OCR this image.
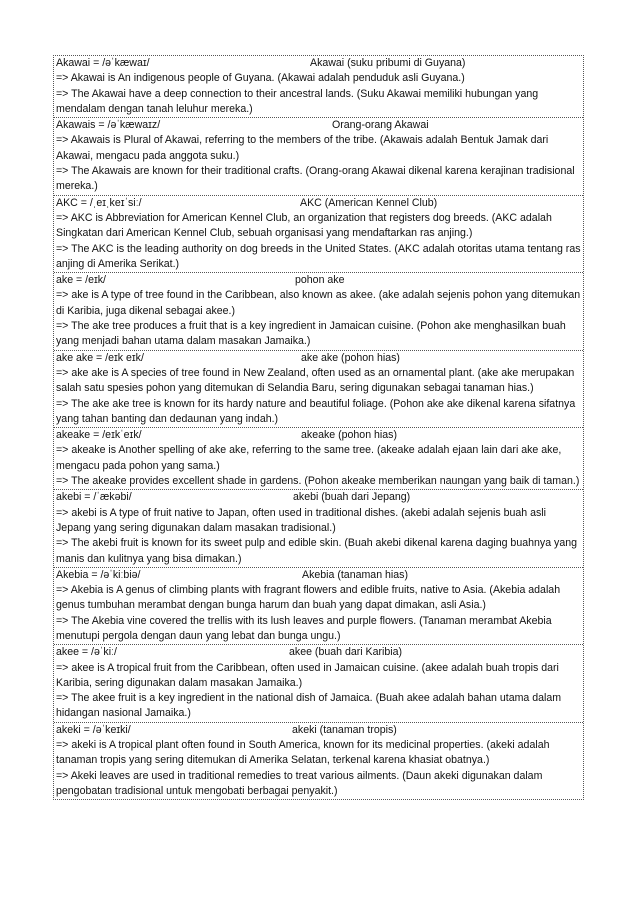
Akawai = /əˈkæwaɪ/	Akawai (suku pribumi di Guyana)
=> Akawai is An indigenous people of Guyana. (Akawai adalah penduduk asli Guyana.)
=> The Akawai have a deep connection to their ancestral lands. (Suku Akawai memiliki hubungan yang mendalam dengan tanah leluhur mereka.)
Akawais = /əˈkæwaɪz/	Orang-orang Akawai
=> Akawais is Plural of Akawai, referring to the members of the tribe. (Akawais adalah Bentuk Jamak dari Akawai, mengacu pada anggota suku.)
=> The Akawais are known for their traditional crafts. (Orang-orang Akawai dikenal karena kerajinan tradisional mereka.)
AKC = /ˌeɪˌkeɪˈsiː/	AKC (American Kennel Club)
=> AKC is Abbreviation for American Kennel Club, an organization that registers dog breeds. (AKC adalah Singkatan dari American Kennel Club, sebuah organisasi yang mendaftarkan ras anjing.)
=> The AKC is the leading authority on dog breeds in the United States. (AKC adalah otoritas utama tentang ras anjing di Amerika Serikat.)
ake = /eɪk/	pohon ake
=> ake is A type of tree found in the Caribbean, also known as akee. (ake adalah sejenis pohon yang ditemukan di Karibia, juga dikenal sebagai akee.)
=> The ake tree produces a fruit that is a key ingredient in Jamaican cuisine. (Pohon ake menghasilkan buah yang menjadi bahan utama dalam masakan Jamaika.)
ake ake = /eɪk eɪk/	ake ake (pohon hias)
=> ake ake is A species of tree found in New Zealand, often used as an ornamental plant. (ake ake merupakan salah satu spesies pohon yang ditemukan di Selandia Baru, sering digunakan sebagai tanaman hias.)
=> The ake ake tree is known for its hardy nature and beautiful foliage. (Pohon ake ake dikenal karena sifatnya yang tahan banting dan dedaunan yang indah.)
akeake = /eɪkˈeɪk/	akeake (pohon hias)
=> akeake is Another spelling of ake ake, referring to the same tree. (akeake adalah ejaan lain dari ake ake, mengacu pada pohon yang sama.)
=> The akeake provides excellent shade in gardens. (Pohon akeake memberikan naungan yang baik di taman.)
akebi = /ˈækəbi/	akebi (buah dari Jepang)
=> akebi is A type of fruit native to Japan, often used in traditional dishes. (akebi adalah sejenis buah asli Jepang yang sering digunakan dalam masakan tradisional.)
=> The akebi fruit is known for its sweet pulp and edible skin. (Buah akebi dikenal karena daging buahnya yang manis dan kulitnya yang bisa dimakan.)
Akebia = /əˈkiːbiə/	Akebia (tanaman hias)
=> Akebia is A genus of climbing plants with fragrant flowers and edible fruits, native to Asia. (Akebia adalah genus tumbuhan merambat dengan bunga harum dan buah yang dapat dimakan, asli Asia.)
=> The Akebia vine covered the trellis with its lush leaves and purple flowers. (Tanaman merambat Akebia menutupi pergola dengan daun yang lebat dan bunga ungu.)
akee = /əˈkiː/	akee (buah dari Karibia)
=> akee is A tropical fruit from the Caribbean, often used in Jamaican cuisine. (akee adalah buah tropis dari Karibia, sering digunakan dalam masakan Jamaika.)
=> The akee fruit is a key ingredient in the national dish of Jamaica. (Buah akee adalah bahan utama dalam hidangan nasional Jamaika.)
akeki = /əˈkeɪki/	akeki (tanaman tropis)
=> akeki is A tropical plant often found in South America, known for its medicinal properties. (akeki adalah tanaman tropis yang sering ditemukan di Amerika Selatan, terkenal karena khasiat obatnya.)
=> Akeki leaves are used in traditional remedies to treat various ailments. (Daun akeki digunakan dalam pengobatan tradisional untuk mengobati berbagai penyakit.)
